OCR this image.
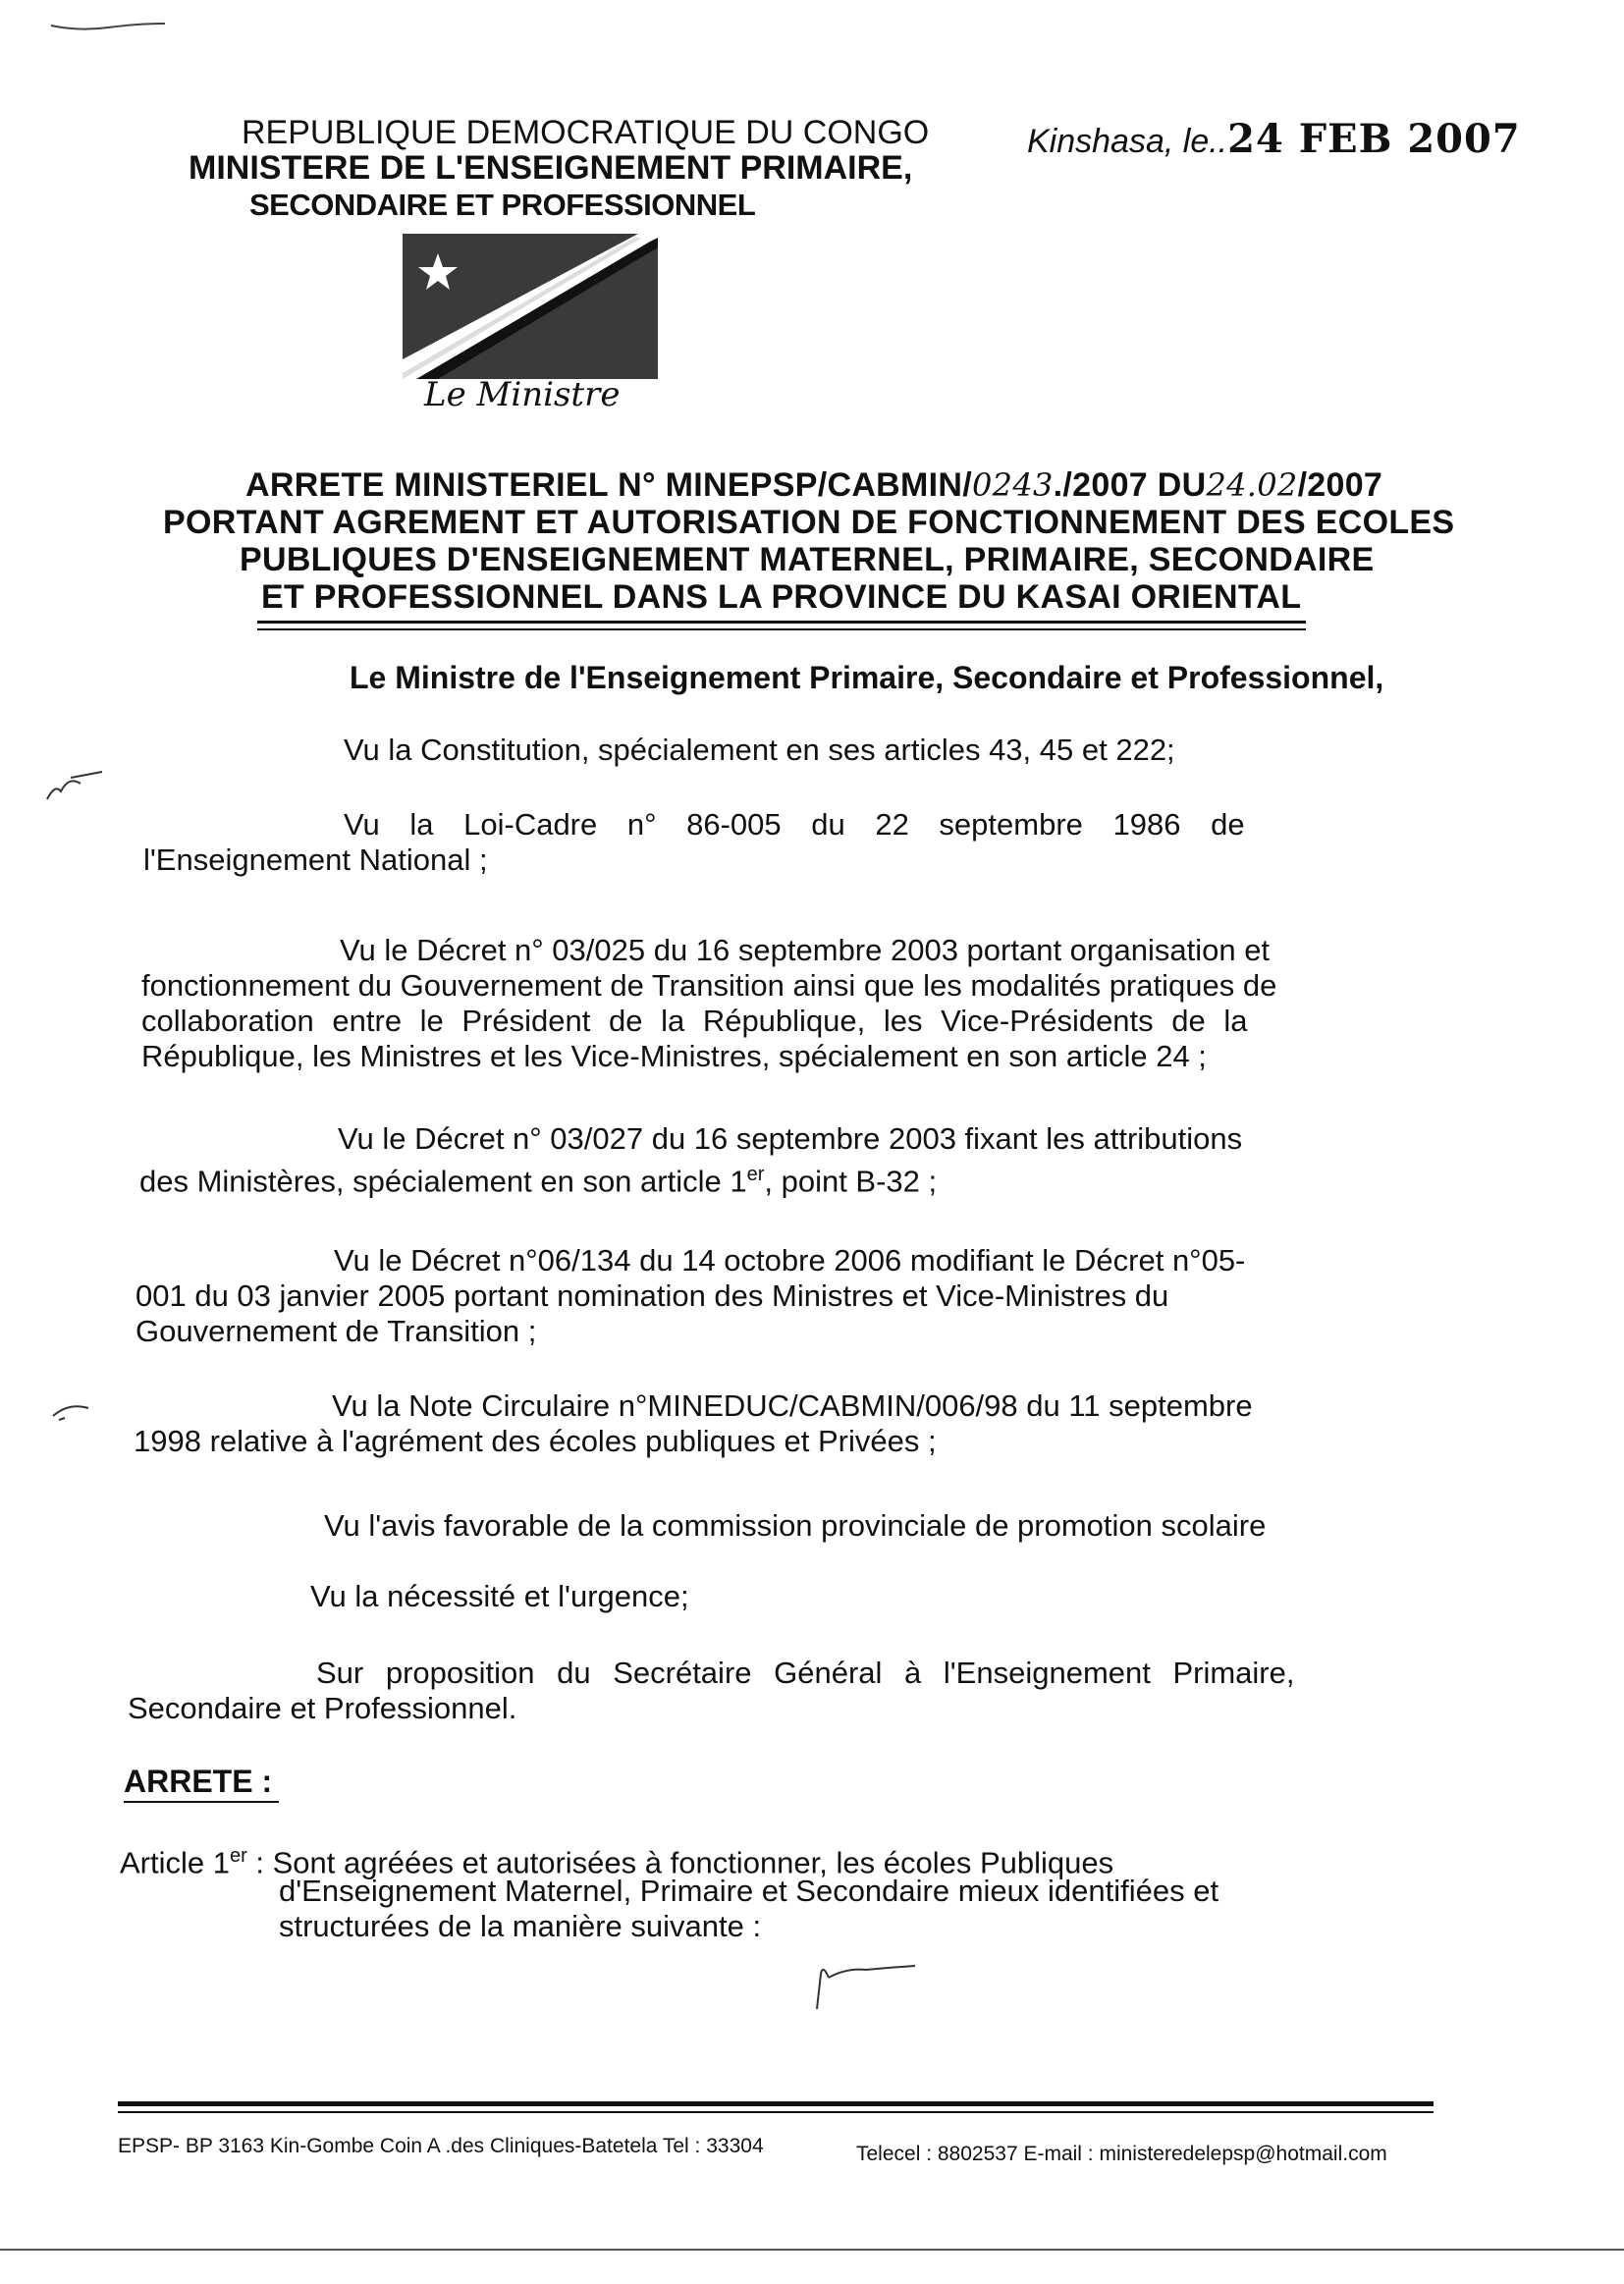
REPUBLIQUE DEMOCRATIQUE DU CONGO
MINISTERE DE L'ENSEIGNEMENT PRIMAIRE,
SECONDAIRE ET PROFESSIONNEL
Kinshasa, le..24 FEB 2007
Le Ministre
ARRETE MINISTERIEL N° MINEPSP/CABMIN/0243./2007 DU24.02/2007
PORTANT AGREMENT ET AUTORISATION DE FONCTIONNEMENT DES ECOLES
PUBLIQUES D'ENSEIGNEMENT MATERNEL, PRIMAIRE, SECONDAIRE
ET PROFESSIONNEL DANS LA PROVINCE DU KASAI ORIENTAL
Le Ministre de l'Enseignement Primaire, Secondaire et Professionnel,
Vu la Constitution, spécialement en ses articles 43, 45 et 222;
Vu la Loi-Cadre n° 86-005 du 22 septembre 1986 de
l'Enseignement National ;
Vu le Décret n° 03/025 du 16 septembre 2003 portant organisation et
fonctionnement du Gouvernement de Transition ainsi que les modalités pratiques de
collaboration entre le Président de la République, les Vice-Présidents de la
République, les Ministres et les Vice-Ministres, spécialement en son article 24 ;
Vu le Décret n° 03/027 du 16 septembre 2003 fixant les attributions
des Ministères, spécialement en son article 1er, point B-32 ;
Vu le Décret n°06/134 du 14 octobre 2006 modifiant le Décret n°05-
001 du 03 janvier 2005 portant nomination des Ministres et Vice-Ministres du
Gouvernement de Transition ;
Vu la Note Circulaire n°MINEDUC/CABMIN/006/98 du 11 septembre
1998 relative à l'agrément des écoles publiques et Privées ;
Vu l'avis favorable de la commission provinciale de promotion scolaire
Vu la nécessité et l'urgence;
Sur proposition du Secrétaire Général à l'Enseignement Primaire,
Secondaire et Professionnel.
ARRETE :
Article 1er : Sont agréées et autorisées à fonctionner, les écoles Publiques
d'Enseignement Maternel, Primaire et Secondaire mieux identifiées et
structurées de la manière suivante :
EPSP- BP 3163 Kin-Gombe Coin A .des Cliniques-Batetela Tel : 33304	Telecel : 8802537 E-mail : ministeredelepsp@hotmail.com
